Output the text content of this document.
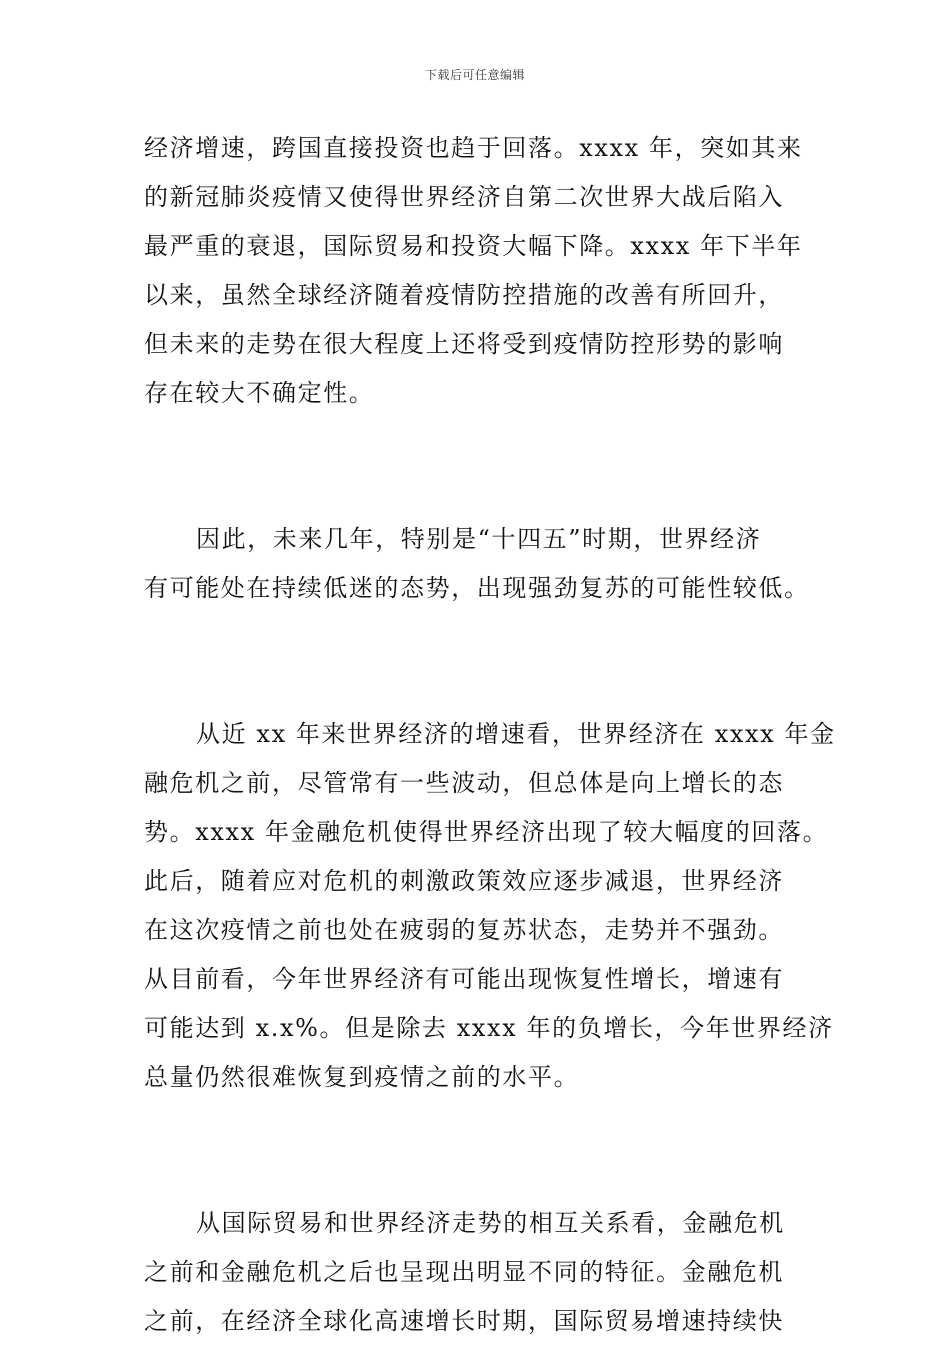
下载后可任意编辑
经济增速，跨国直接投资也趋于回落。xxxx 年，突如其来
的新冠肺炎疫情又使得世界经济自第二次世界大战后陷入
最严重的衰退，国际贸易和投资大幅下降。xxxx 年下半年
以来，虽然全球经济随着疫情防控措施的改善有所回升，
但未来的走势在很大程度上还将受到疫情防控形势的影响
存在较大不确定性。
因此，未来几年，特别是“十四五”时期，世界经济
有可能处在持续低迷的态势，出现强劲复苏的可能性较低。
从近 xx 年来世界经济的增速看，世界经济在 xxxx 年金
融危机之前，尽管常有一些波动，但总体是向上增长的态
势。xxxx 年金融危机使得世界经济出现了较大幅度的回落。
此后，随着应对危机的刺激政策效应逐步减退，世界经济
在这次疫情之前也处在疲弱的复苏状态，走势并不强劲。
从目前看，今年世界经济有可能出现恢复性增长，增速有
可能达到 x.x%。但是除去 xxxx 年的负增长，今年世界经济
总量仍然很难恢复到疫情之前的水平。
从国际贸易和世界经济走势的相互关系看，金融危机
之前和金融危机之后也呈现出明显不同的特征。金融危机
之前，在经济全球化高速增长时期，国际贸易增速持续快
